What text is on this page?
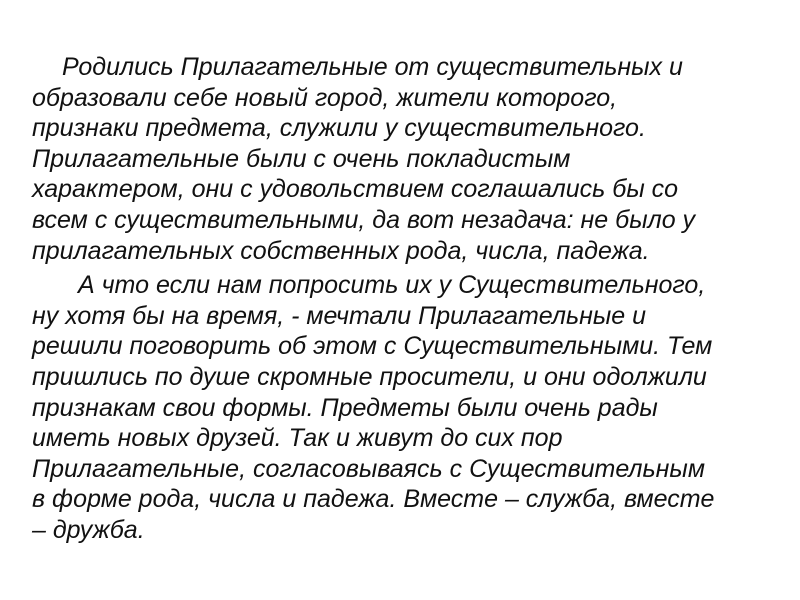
Родились Прилагательные от существительных и
образовали себе новый город, жители которого,
признаки предмета, служили у существительного.
Прилагательные были с очень покладистым
характером, они с удовольствием соглашались бы со
всем с существительными, да вот незадача: не было у
прилагательных собственных рода, числа, падежа.
А что если нам попросить их у Существительного,
ну хотя бы на время, - мечтали Прилагательные и
решили поговорить об этом с Существительными. Тем
пришлись по душе скромные просители, и они одолжили
признакам свои формы. Предметы были очень рады
иметь новых друзей. Так и живут до сих пор
Прилагательные, согласовываясь с Существительным
в форме рода, числа и падежа. Вместе – служба, вместе
– дружба.
